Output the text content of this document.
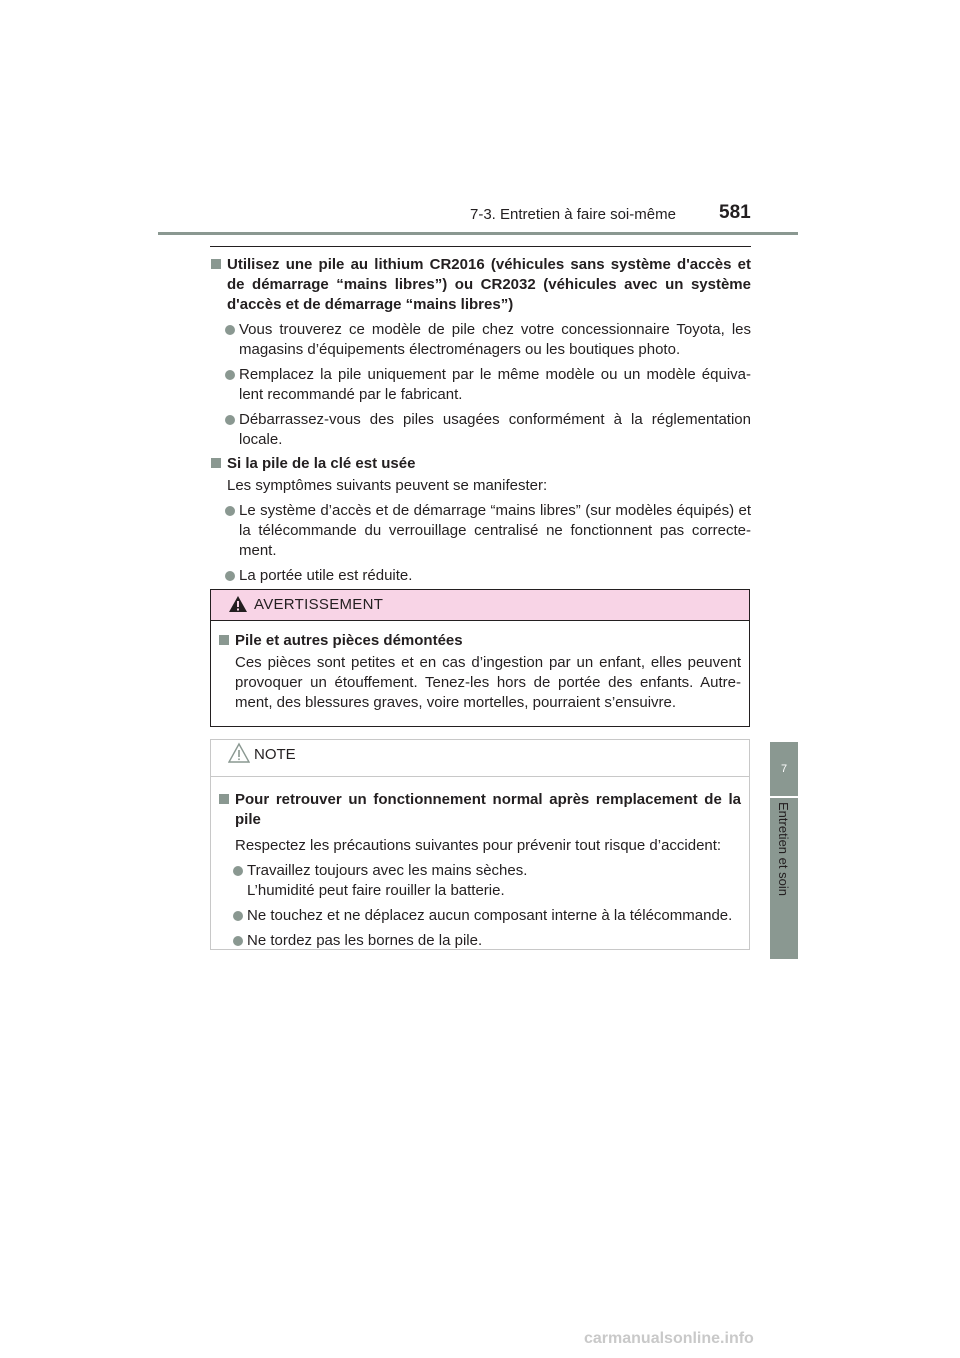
7-3. Entretien à faire soi-même 581
7
Entretien et soin
Utilisez une pile au lithium CR2016 (véhicules sans système d'accès et de démarrage “mains libres”) ou CR2032 (véhicules avec un système d'accès et de démarrage “mains libres”)
Vous trouverez ce modèle de pile chez votre concessionnaire Toyota, les magasins d’équipements électroménagers ou les boutiques photo.
Remplacez la pile uniquement par le même modèle ou un modèle équiva-lent recommandé par le fabricant.
Débarrassez-vous des piles usagées conformément à la réglementation locale.
Si la pile de la clé est usée
Les symptômes suivants peuvent se manifester:
Le système d’accès et de démarrage “mains libres” (sur modèles équipés) et la télécommande du verrouillage centralisé ne fonctionnent pas correcte-ment.
La portée utile est réduite.
AVERTISSEMENT
Pile et autres pièces démontées
Ces pièces sont petites et en cas d’ingestion par un enfant, elles peuvent provoquer un étouffement. Tenez-les hors de portée des enfants. Autre-ment, des blessures graves, voire mortelles, pourraient s’ensuivre.
NOTE
Pour retrouver un fonctionnement normal après remplacement de la pile
Respectez les précautions suivantes pour prévenir tout risque d’accident:
Travaillez toujours avec les mains sèches.
L’humidité peut faire rouiller la batterie.
Ne touchez et ne déplacez aucun composant interne à la télécommande.
Ne tordez pas les bornes de la pile.
carmanualsonline.info
